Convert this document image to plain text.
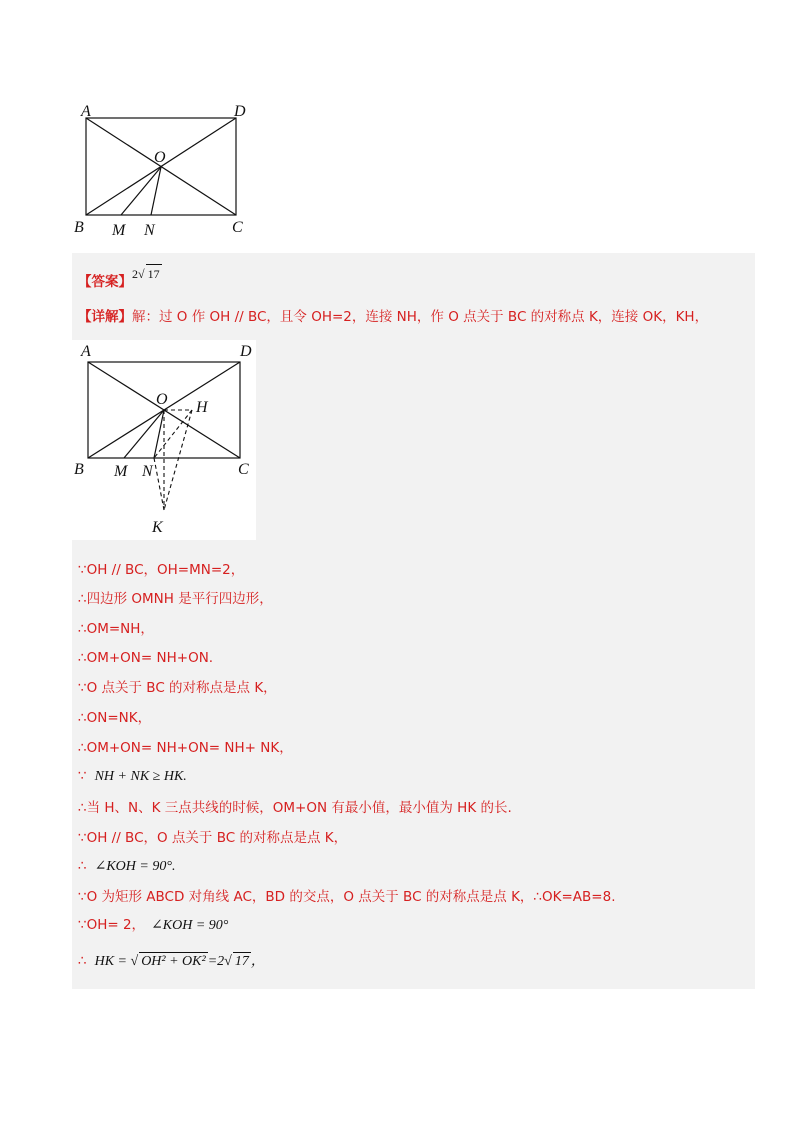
A	D
O
B M N	C
【答案】2√ 17
【详解】解：过 O 作 OH // BC，且令 OH=2，连接 NH，作 O 点关于 BC 的对称点 K，连接 OK，KH，
A	D
O H
B M N	C
K
∵OH // BC，OH=MN=2，
∴四边形 OMNH 是平行四边形，
∴OM=NH，
∴OM+ON= NH+ON.
∵O 点关于 BC 的对称点是点 K，
∴ON=NK，
∴OM+ON= NH+ON= NH+ NK，
∵ NH + NK ≥ HK.
∴当 H、N、K 三点共线的时候，OM+ON 有最小值，最小值为 HK 的长.
∵OH // BC，O 点关于 BC 的对称点是点 K，
∴ ∠KOH = 90°.
∵O 为矩形 ABCD 对角线 AC，BD 的交点，O 点关于 BC 的对称点是点 K，∴OK=AB=8.
∵OH= 2， ∠KOH = 90°
∴ HK = √ OH² + OK² =2√ 17 ，
